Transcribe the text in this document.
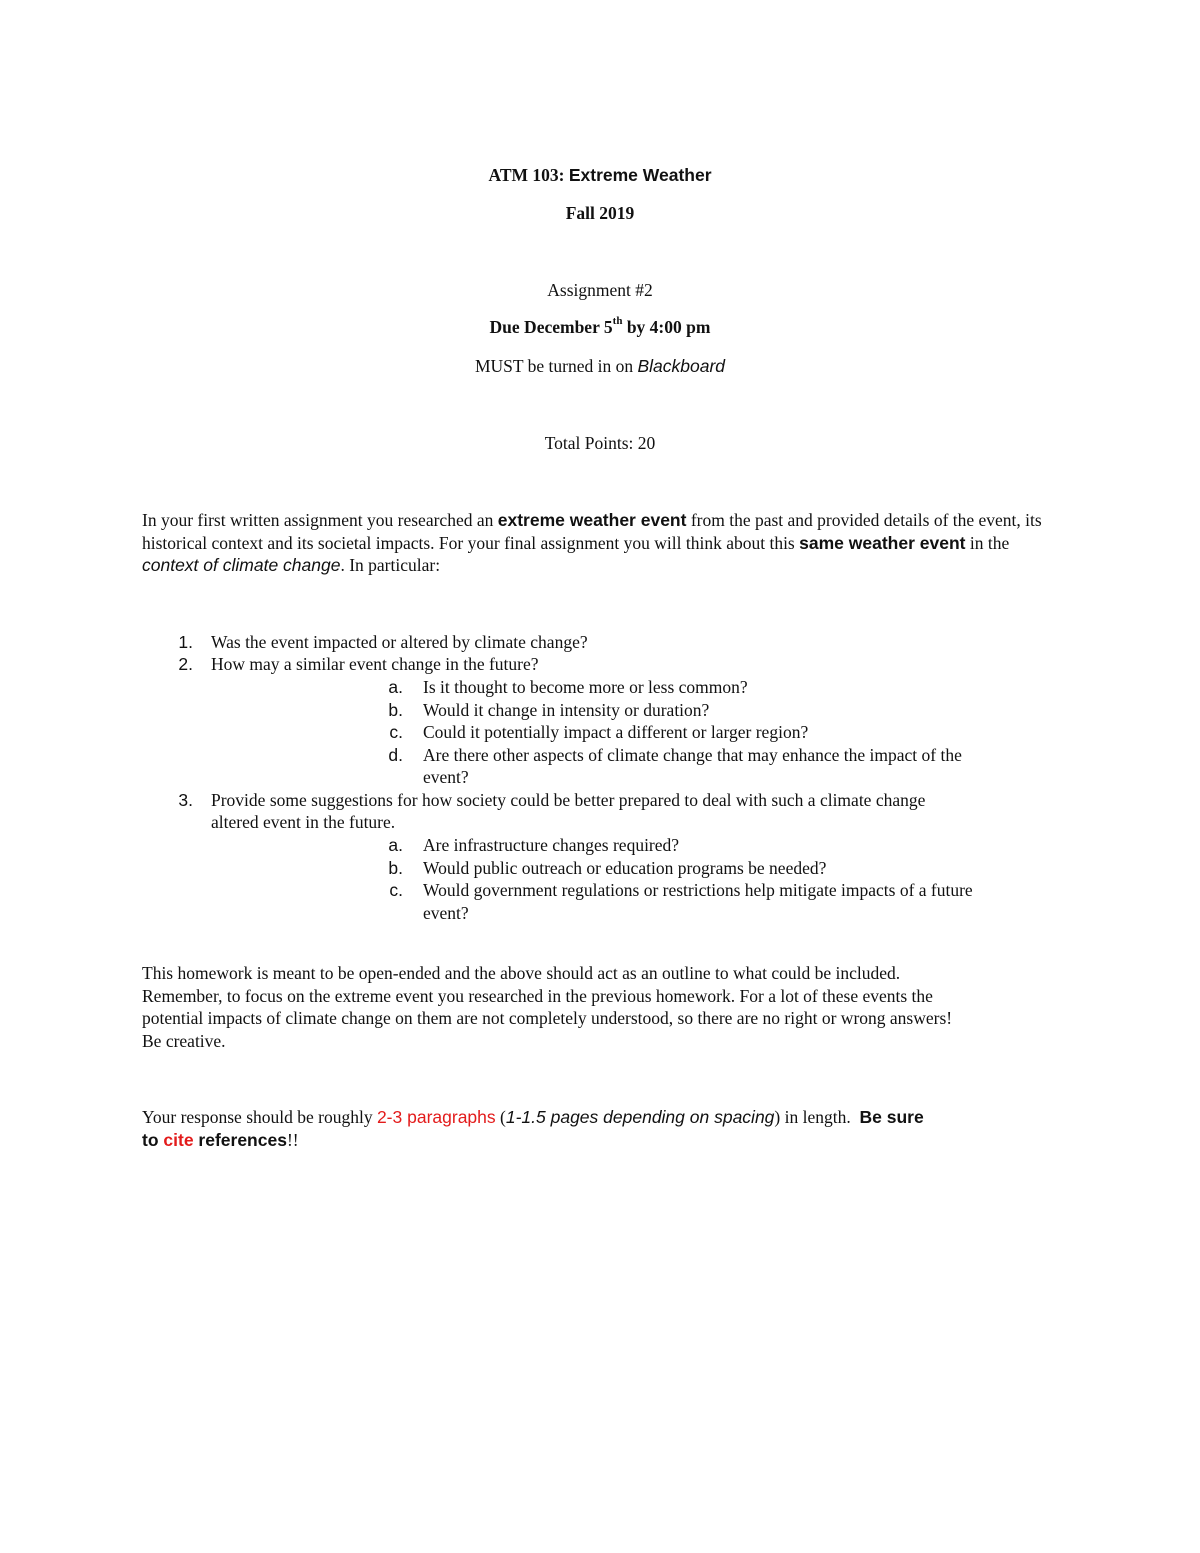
ATM 103: Extreme Weather
Fall 2019
Assignment #2
Due December 5th by 4:00 pm
MUST be turned in on Blackboard
Total Points: 20
In your first written assignment you researched an extreme weather event from the past and provided details of the event, its historical context and its societal impacts. For your final assignment you will think about this same weather event in the context of climate change. In particular:
1. Was the event impacted or altered by climate change?
2. How may a similar event change in the future?
a. Is it thought to become more or less common?
b. Would it change in intensity or duration?
c. Could it potentially impact a different or larger region?
d. Are there other aspects of climate change that may enhance the impact of the
event?
3. Provide some suggestions for how society could be better prepared to deal with such a climate change
altered event in the future.
a. Are infrastructure changes required?
b. Would public outreach or education programs be needed?
c. Would government regulations or restrictions help mitigate impacts of a future
event?
This homework is meant to be open-ended and the above should act as an outline to what could be included.
Remember, to focus on the extreme event you researched in the previous homework. For a lot of these events the
potential impacts of climate change on them are not completely understood, so there are no right or wrong answers!
Be creative.
Your response should be roughly 2-3 paragraphs (1-1.5 pages depending on spacing) in length.  Be sure
to cite references!!
